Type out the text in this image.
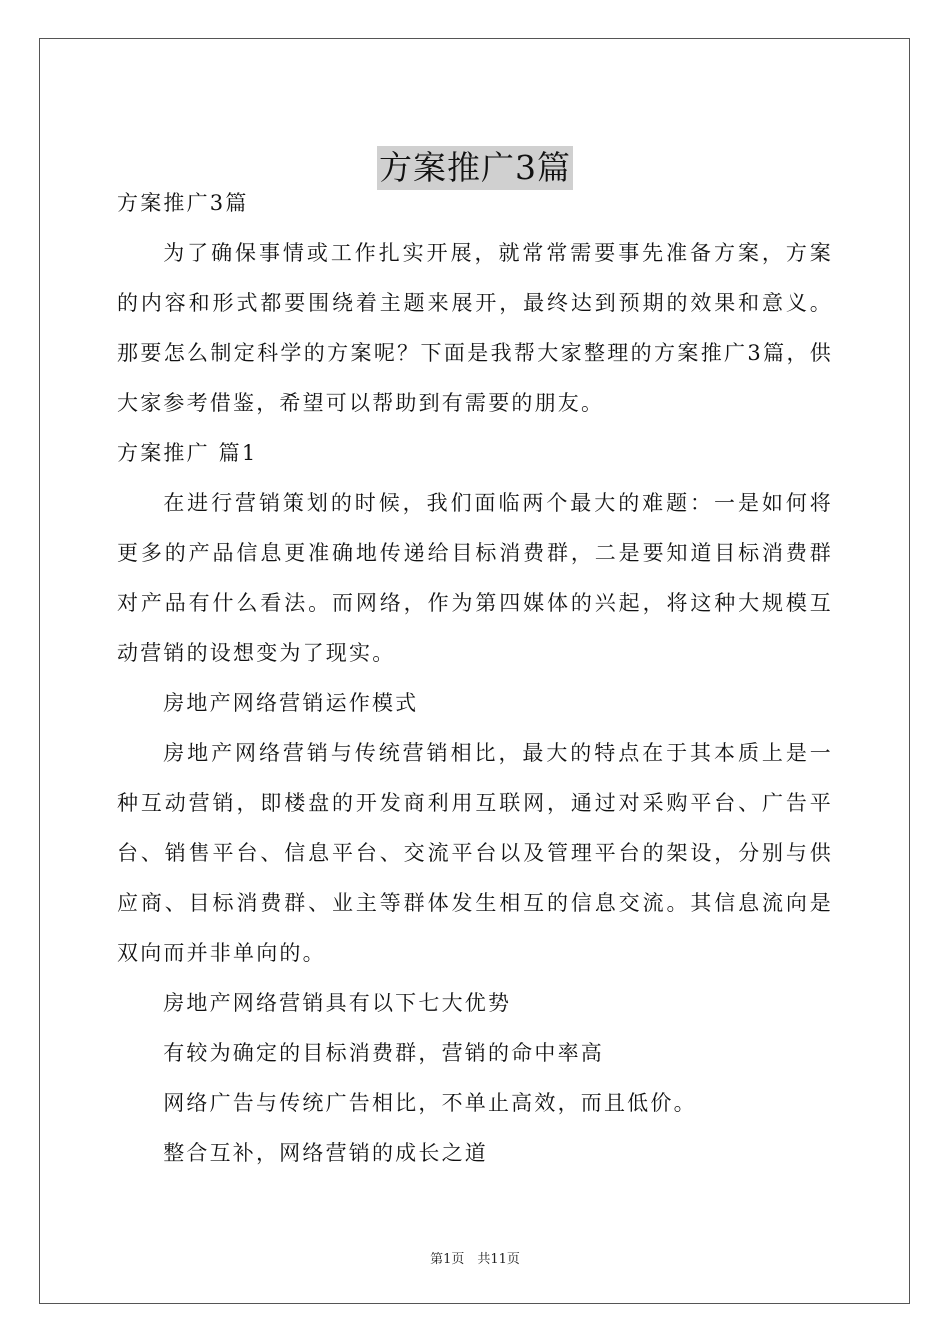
方案推广3篇

方案推广3篇

为了确保事情或工作扎实开展，就常常需要事先准备方案，方案的内容和形式都要围绕着主题来展开，最终达到预期的效果和意义。那要怎么制定科学的方案呢？下面是我帮大家整理的方案推广3篇，供大家参考借鉴，希望可以帮助到有需要的朋友。

方案推广 篇1

在进行营销策划的时候，我们面临两个最大的难题：一是如何将更多的产品信息更准确地传递给目标消费群，二是要知道目标消费群对产品有什么看法。而网络，作为第四媒体的兴起，将这种大规模互动营销的设想变为了现实。

房地产网络营销运作模式

房地产网络营销与传统营销相比，最大的特点在于其本质上是一种互动营销，即楼盘的开发商利用互联网，通过对采购平台、广告平台、销售平台、信息平台、交流平台以及管理平台的架设，分别与供应商、目标消费群、业主等群体发生相互的信息交流。其信息流向是双向而并非单向的。

房地产网络营销具有以下七大优势

有较为确定的目标消费群，营销的命中率高

网络广告与传统广告相比，不单止高效，而且低价。

整合互补，网络营销的成长之道

第1页　共11页
